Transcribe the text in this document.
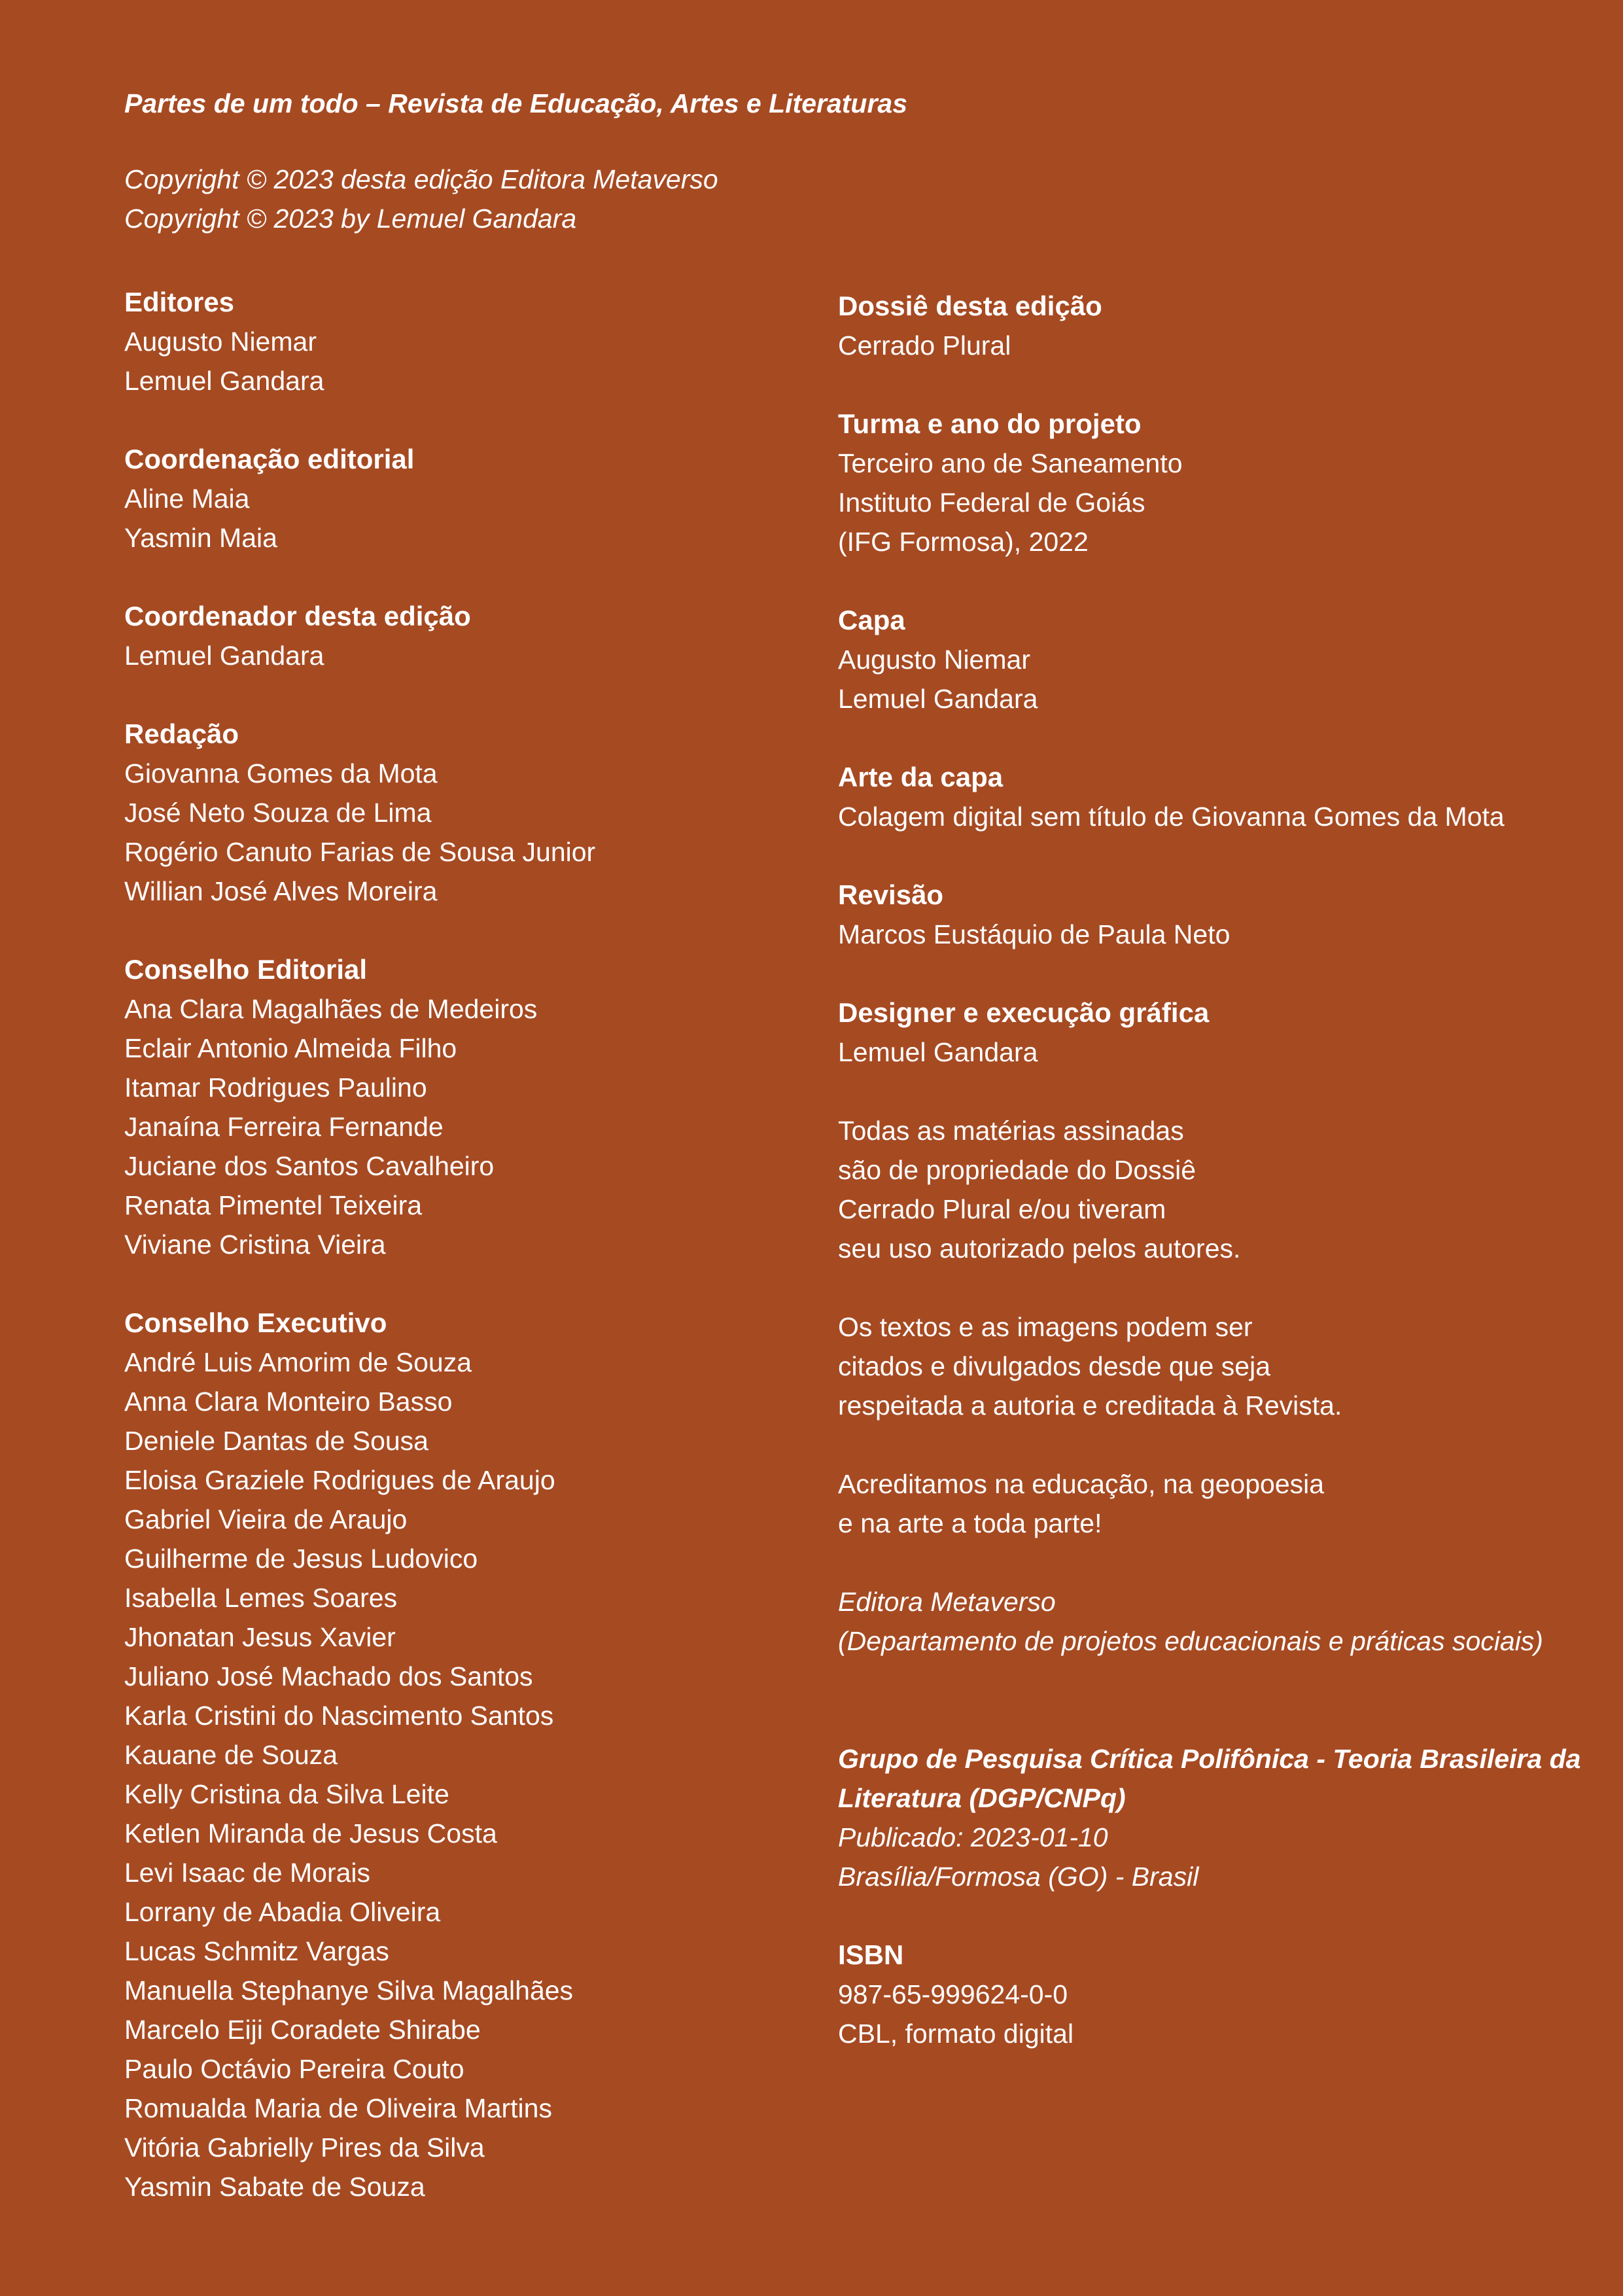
Partes de um todo – Revista de Educação, Artes e Literaturas

Copyright © 2023 desta edição Editora Metaverso

Copyright © 2023 by Lemuel Gandara

Editores

Augusto Niemar

Lemuel Gandara

Coordenação editorial

Aline Maia

Yasmin Maia

Coordenador desta edição

Lemuel Gandara

Redação

Giovanna Gomes da Mota

José Neto Souza de Lima

Rogério Canuto Farias de Sousa Junior

Willian José Alves Moreira

Conselho Editorial

Ana Clara Magalhães de Medeiros

Eclair Antonio Almeida Filho

Itamar Rodrigues Paulino

Janaína Ferreira Fernande

Juciane dos Santos Cavalheiro

Renata Pimentel Teixeira

Viviane Cristina Vieira

Conselho Executivo

André Luis Amorim de Souza

Anna Clara Monteiro Basso

Deniele Dantas de Sousa

Eloisa Graziele Rodrigues de Araujo

Gabriel Vieira de Araujo

Guilherme de Jesus Ludovico

Isabella Lemes Soares

Jhonatan Jesus Xavier

Juliano José Machado dos Santos

Karla Cristini do Nascimento Santos

Kauane de Souza

Kelly Cristina da Silva Leite

Ketlen Miranda de Jesus Costa

Levi Isaac de Morais

Lorrany de Abadia Oliveira

Lucas Schmitz Vargas

Manuella Stephanye Silva Magalhães

Marcelo Eiji Coradete Shirabe

Paulo Octávio Pereira Couto

Romualda Maria de Oliveira Martins

Vitória Gabrielly Pires da Silva

Yasmin Sabate de Souza

Dossiê desta edição

Cerrado Plural

Turma e ano do projeto

Terceiro ano de Saneamento

Instituto Federal de Goiás

(IFG Formosa), 2022

Capa

Augusto Niemar

Lemuel Gandara

Arte da capa

Colagem digital sem título de Giovanna Gomes da Mota

Revisão

Marcos Eustáquio de Paula Neto

Designer e execução gráfica

Lemuel Gandara

Todas as matérias assinadas

são de propriedade do Dossiê

Cerrado Plural e/ou tiveram

seu uso autorizado pelos autores.

Os textos e as imagens podem ser

citados e divulgados desde que seja

respeitada a autoria e creditada à Revista.

Acreditamos na educação, na geopoesia

e na arte a toda parte!

Editora Metaverso

(Departamento de projetos educacionais e práticas sociais)

Grupo de Pesquisa Crítica Polifônica - Teoria Brasileira da

Literatura (DGP/CNPq)

Publicado: 2023-01-10

Brasília/Formosa (GO) - Brasil

ISBN

987-65-999624-0-0

CBL, formato digital
